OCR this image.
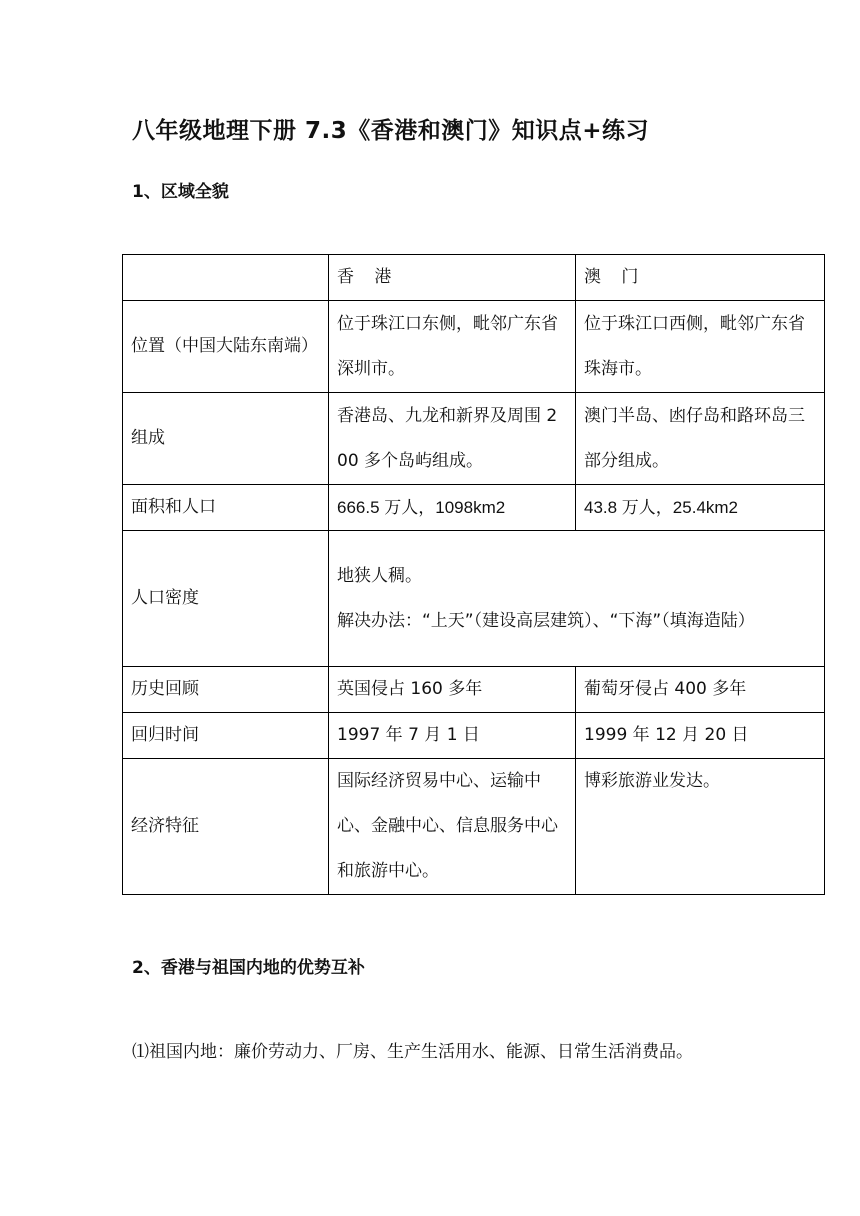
八年级地理下册 7.3《香港和澳门》知识点+练习
1、区域全貌
	香港	澳门
位置（中国大陆东南端）	位于珠江口东侧，毗邻广东省深圳市。	位于珠江口西侧，毗邻广东省珠海市。
组成	香港岛、九龙和新界及周围 200 多个岛屿组成。	澳门半岛、凼仔岛和路环岛三部分组成。
面积和人口	666.5 万人，1098km2	43.8 万人，25.4km2
人口密度	地狭人稠。
解决办法：“上天”（建设高层建筑）、“下海”（填海造陆）	

历史回顾	英国侵占 160 多年	葡萄牙侵占 400 多年
回归时间	1997 年 7 月 1 日	1999 年 12 月 20 日
经济特征	国际经济贸易中心、运输中心、金融中心、信息服务中心和旅游中心。	博彩旅游业发达。
2、香港与祖国内地的优势互补
⑴祖国内地：廉价劳动力、厂房、生产生活用水、能源、日常生活消费品。
